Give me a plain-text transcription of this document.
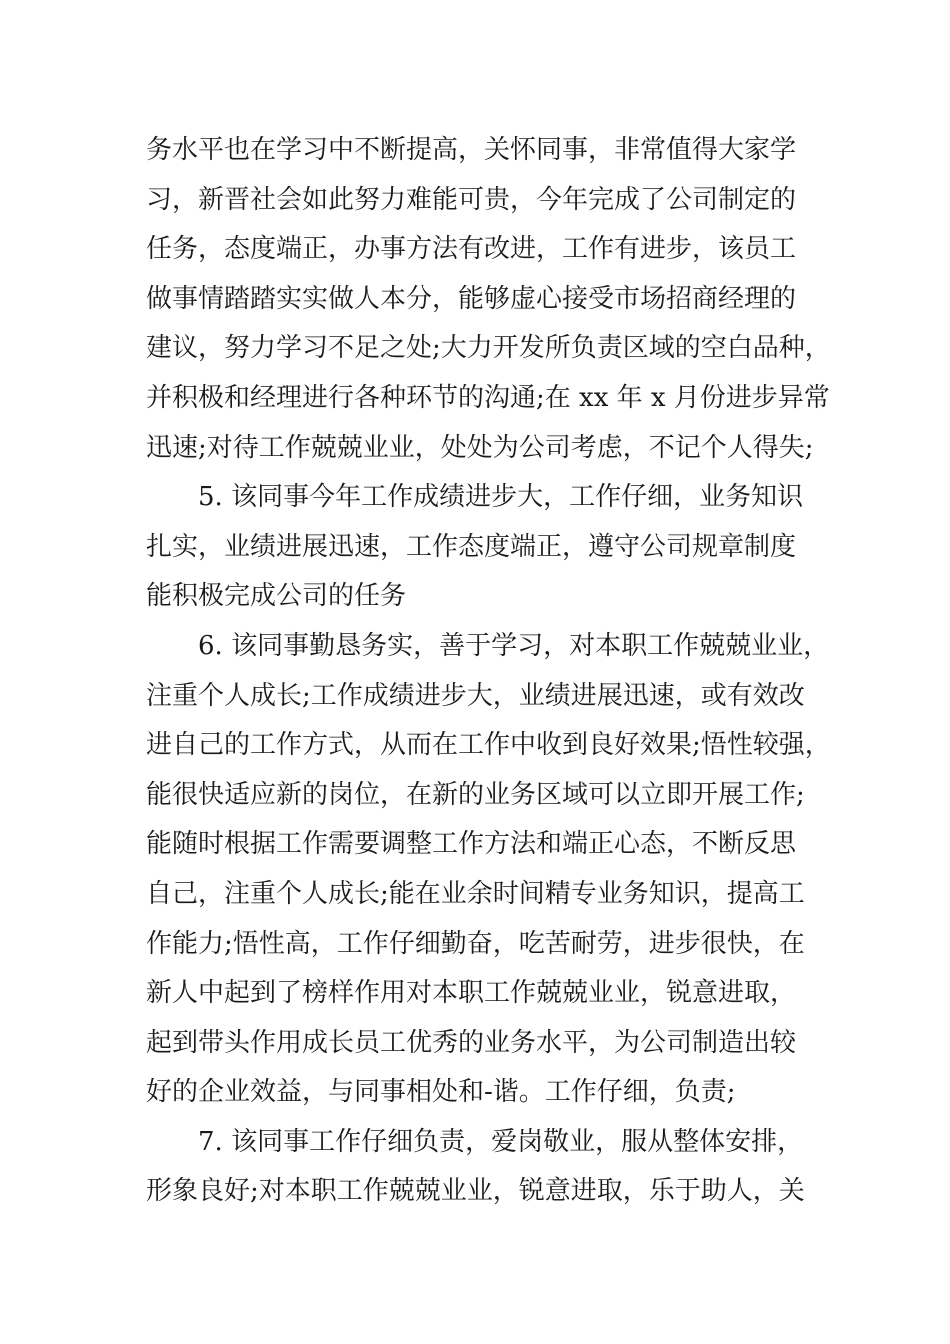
务水平也在学习中不断提高，关怀同事，非常值得大家学
习，新晋社会如此努力难能可贵，今年完成了公司制定的
任务，态度端正，办事方法有改进，工作有进步，该员工
做事情踏踏实实做人本分，能够虚心接受市场招商经理的
建议，努力学习不足之处;大力开发所负责区域的空白品种，
并积极和经理进行各种环节的沟通;在 xx 年 x 月份进步异常
迅速;对待工作兢兢业业，处处为公司考虑，不记个人得失;
5. 该同事今年工作成绩进步大，工作仔细，业务知识
扎实，业绩进展迅速，工作态度端正，遵守公司规章制度
能积极完成公司的任务
6. 该同事勤恳务实，善于学习，对本职工作兢兢业业，
注重个人成长;工作成绩进步大，业绩进展迅速，或有效改
进自己的工作方式，从而在工作中收到良好效果;悟性较强，
能很快适应新的岗位，在新的业务区域可以立即开展工作;
能随时根据工作需要调整工作方法和端正心态，不断反思
自己，注重个人成长;能在业余时间精专业务知识，提高工
作能力;悟性高，工作仔细勤奋，吃苦耐劳，进步很快，在
新人中起到了榜样作用对本职工作兢兢业业，锐意进取，
起到带头作用成长员工优秀的业务水平，为公司制造出较
好的企业效益，与同事相处和-谐。工作仔细，负责;
7. 该同事工作仔细负责，爱岗敬业，服从整体安排，
形象良好;对本职工作兢兢业业，锐意进取，乐于助人，关
